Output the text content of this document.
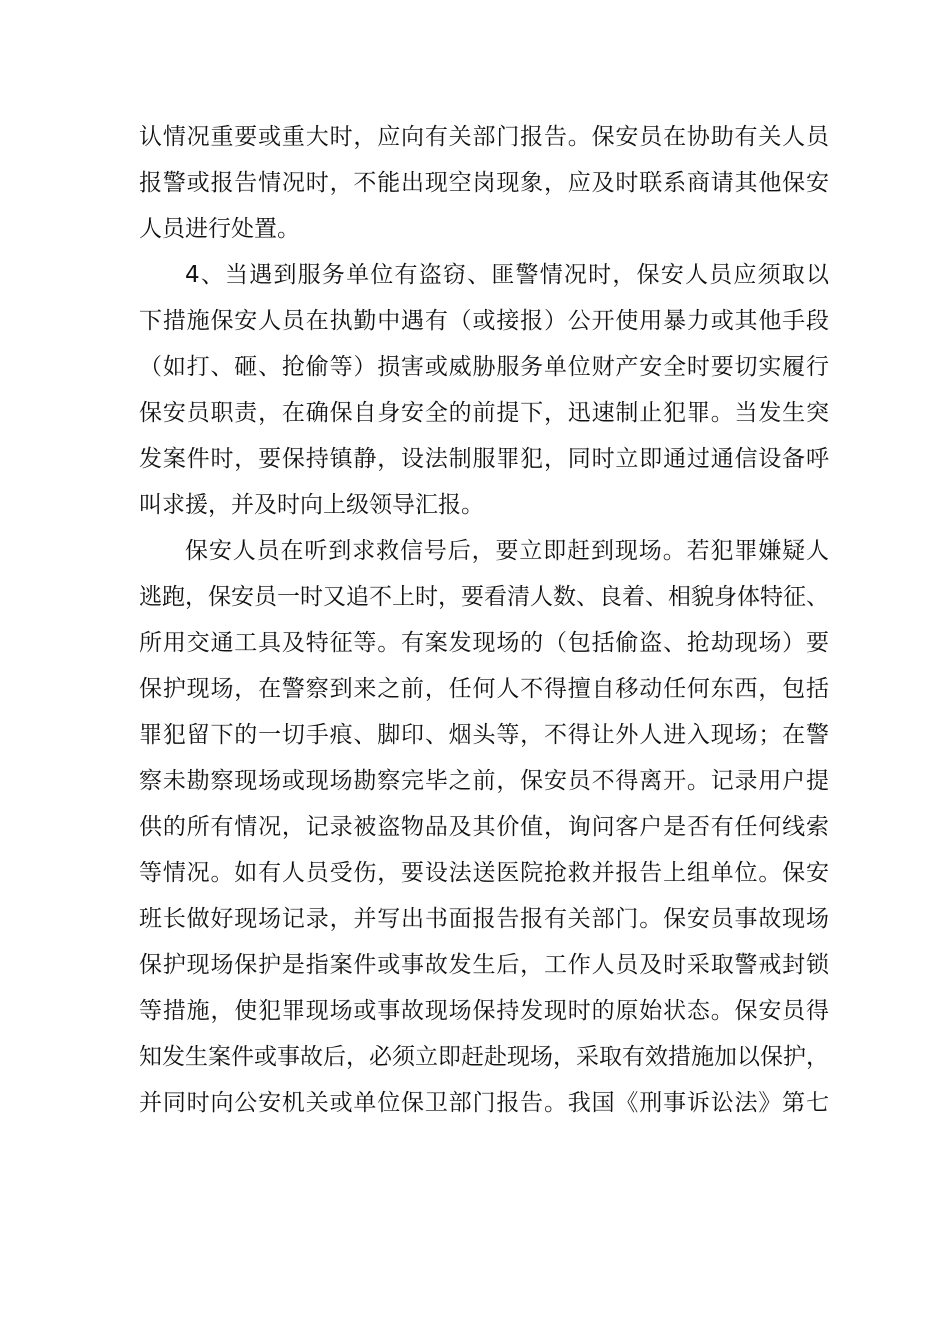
认情况重要或重大时，应向有关部门报告。保安员在协助有关人员
报警或报告情况时，不能出现空岗现象，应及时联系商请其他保安
人员进行处置。
4、当遇到服务单位有盗窃、匪警情况时，保安人员应须取以
下措施保安人员在执勤中遇有（或接报）公开使用暴力或其他手段
（如打、砸、抢偷等）损害或威胁服务单位财产安全时要切实履行
保安员职责，在确保自身安全的前提下，迅速制止犯罪。当发生突
发案件时，要保持镇静，设法制服罪犯，同时立即通过通信设备呼
叫求援，并及时向上级领导汇报。
保安人员在听到求救信号后，要立即赶到现场。若犯罪嫌疑人
逃跑，保安员一时又追不上时，要看清人数、良着、相貌身体特征、
所用交通工具及特征等。有案发现场的（包括偷盗、抢劫现场）要
保护现场，在警察到来之前，任何人不得擅自移动任何东西，包括
罪犯留下的一切手痕、脚印、烟头等，不得让外人进入现场；在警
察未勘察现场或现场勘察完毕之前，保安员不得离开。记录用户提
供的所有情况，记录被盗物品及其价值，询问客户是否有任何线索
等情况。如有人员受伤，要设法送医院抢救并报告上组单位。保安
班长做好现场记录，并写出书面报告报有关部门。保安员事故现场
保护现场保护是指案件或事故发生后，工作人员及时采取警戒封锁
等措施，使犯罪现场或事故现场保持发现时的原始状态。保安员得
知发生案件或事故后，必须立即赶赴现场，采取有效措施加以保护，
并同时向公安机关或单位保卫部门报告。我国《刑事诉讼法》第七
